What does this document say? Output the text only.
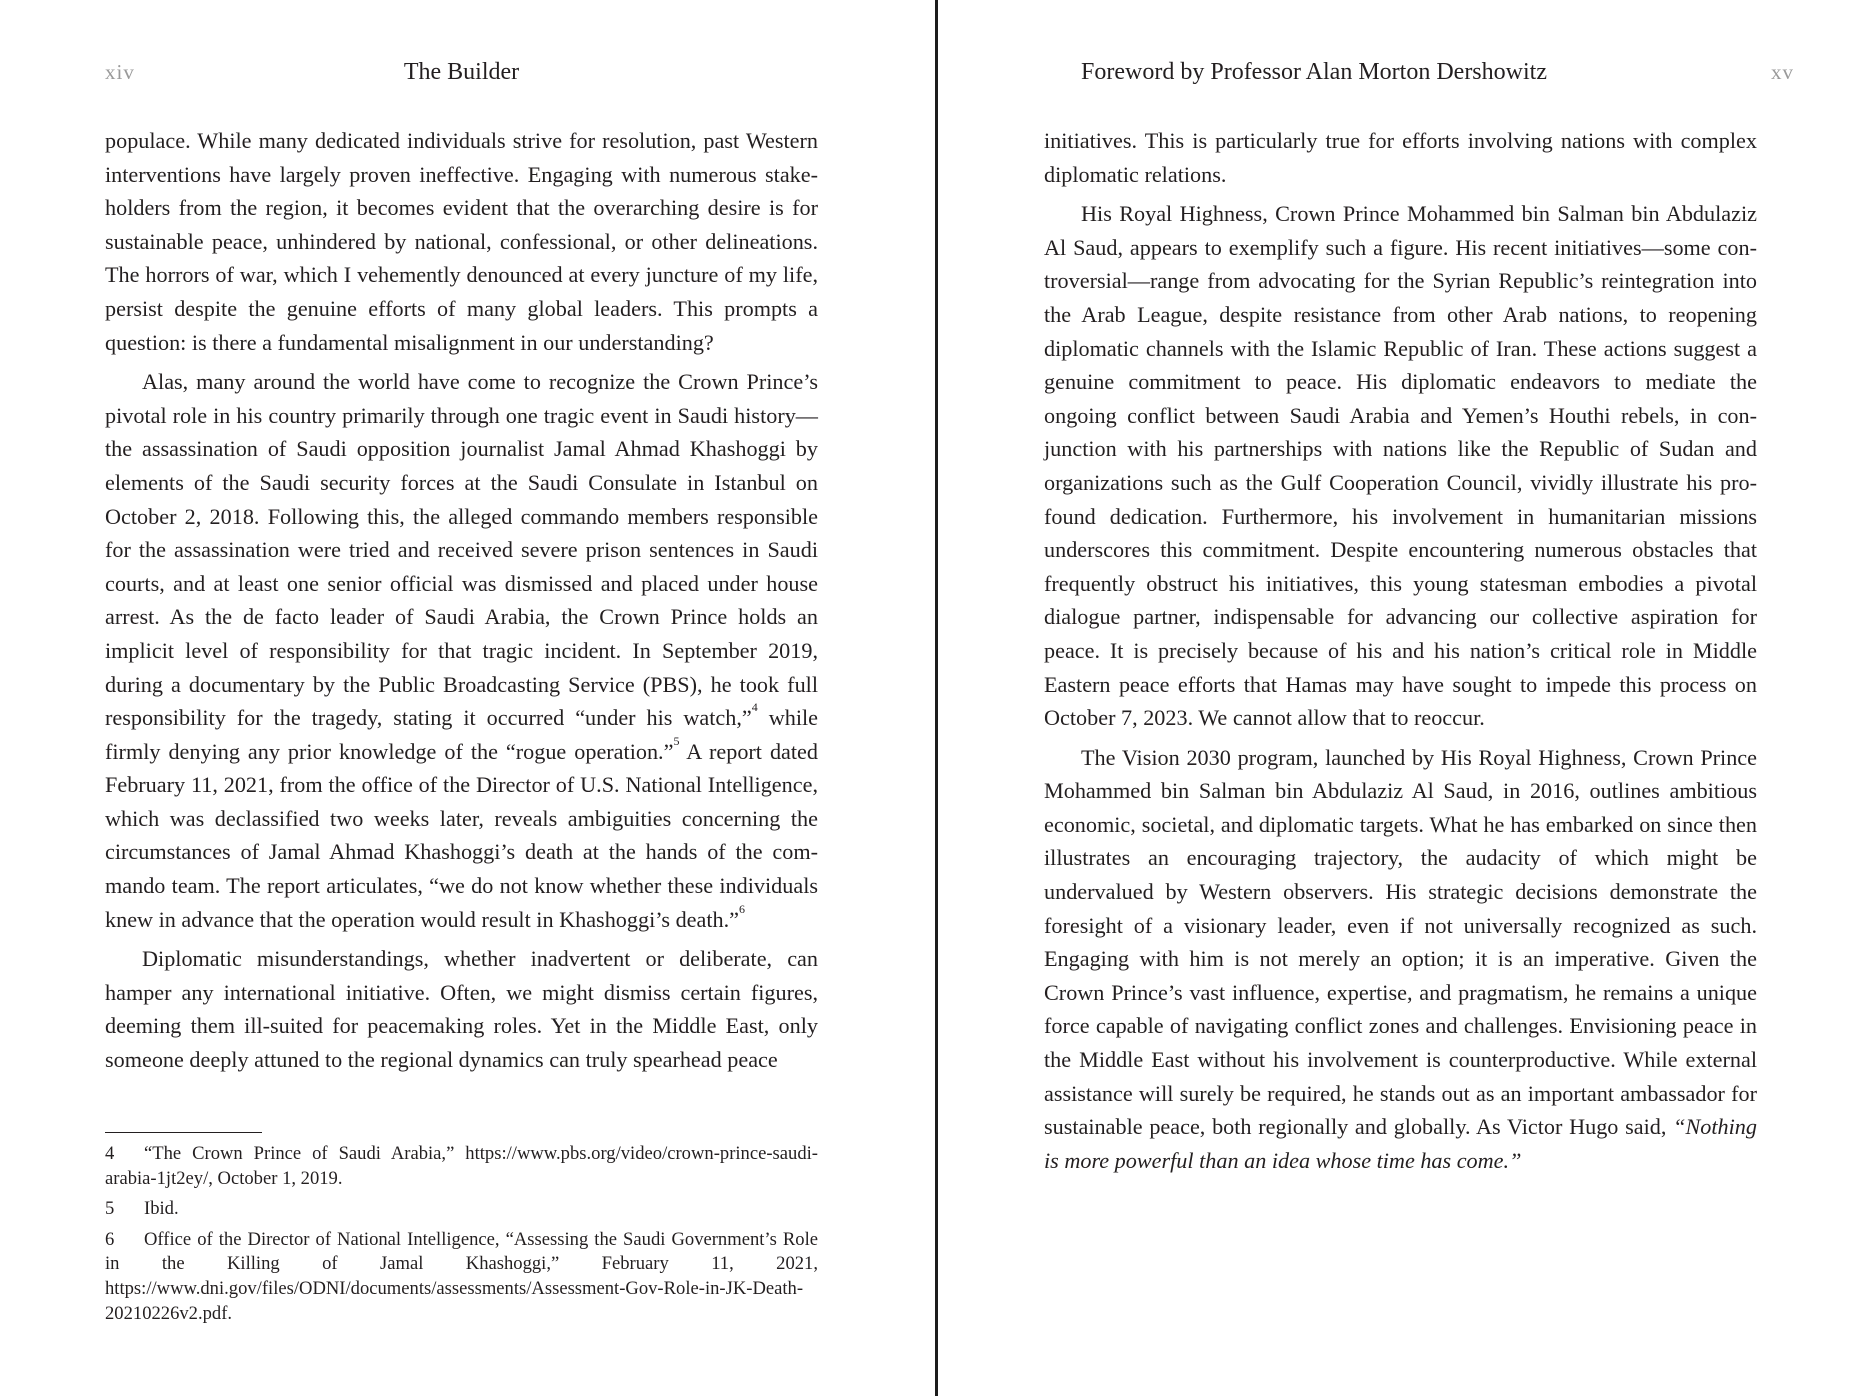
xiv	The Builder

populace. While many dedicated individuals strive for resolution, past Western interventions have largely proven ineffective. Engaging with numerous stakeholders from the region, it becomes evident that the overarching desire is for sustainable peace, unhindered by national, confessional, or other delineations. The horrors of war, which I vehemently denounced at every juncture of my life, persist despite the genuine efforts of many global leaders. This prompts a question: is there a fundamental misalignment in our understanding?

Alas, many around the world have come to recognize the Crown Prince’s pivotal role in his country primarily through one tragic event in Saudi history—the assassination of Saudi opposition journalist Jamal Ahmad Khashoggi by elements of the Saudi security forces at the Saudi Consulate in Istanbul on October 2, 2018. Following this, the alleged commando members responsible for the assassination were tried and received severe prison sentences in Saudi courts, and at least one senior official was dismissed and placed under house arrest. As the de facto leader of Saudi Arabia, the Crown Prince holds an implicit level of responsibility for that tragic incident. In September 2019, during a documentary by the Public Broadcasting Service (PBS), he took full responsibility for the tragedy, stating it occurred “under his watch,”$^4$ while firmly denying any prior knowledge of the “rogue operation.”$^5$ A report dated February 11, 2021, from the office of the Director of U.S. National Intelligence, which was declassified two weeks later, reveals ambiguities concerning the circumstances of Jamal Ahmad Khashoggi’s death at the hands of the commando team. The report articulates, “we do not know whether these individuals knew in advance that the operation would result in Khashoggi’s death.”$^6$

Diplomatic misunderstandings, whether inadvertent or deliberate, can hamper any international initiative. Often, we might dismiss certain figures, deeming them ill-suited for peacemaking roles. Yet in the Middle East, only someone deeply attuned to the regional dynamics can truly spearhead peace

4 “The Crown Prince of Saudi Arabia,” https://www.pbs.org/video/crown-prince-saudi-arabia-1jt2ey/, October 1, 2019.
5 Ibid.
6 Office of the Director of National Intelligence, “Assessing the Saudi Government’s Role in the Killing of Jamal Khashoggi,” February 11, 2021, https://www.dni.gov/files/ODNI/documents/assessments/Assessment-Gov-Role-in-JK-Death-20210226v2.pdf.
Foreword by Professor Alan Morton Dershowitz	xv

initiatives. This is particularly true for efforts involving nations with complex diplomatic relations.

His Royal Highness, Crown Prince Mohammed bin Salman bin Abdulaziz Al Saud, appears to exemplify such a figure. His recent initiatives—some controversial—range from advocating for the Syrian Republic’s reintegration into the Arab League, despite resistance from other Arab nations, to reopening diplomatic channels with the Islamic Republic of Iran. These actions suggest a genuine commitment to peace. His diplomatic endeavors to mediate the ongoing conflict between Saudi Arabia and Yemen’s Houthi rebels, in conjunction with his partnerships with nations like the Republic of Sudan and organizations such as the Gulf Cooperation Council, vividly illustrate his profound dedication. Furthermore, his involvement in humanitarian missions underscores this commitment. Despite encountering numerous obstacles that frequently obstruct his initiatives, this young statesman embodies a pivotal dialogue partner, indispensable for advancing our collective aspiration for peace. It is precisely because of his and his nation’s critical role in Middle Eastern peace efforts that Hamas may have sought to impede this process on October 7, 2023. We cannot allow that to reoccur.

The Vision 2030 program, launched by His Royal Highness, Crown Prince Mohammed bin Salman bin Abdulaziz Al Saud, in 2016, outlines ambitious economic, societal, and diplomatic targets. What he has embarked on since then illustrates an encouraging trajectory, the audacity of which might be undervalued by Western observers. His strategic decisions demonstrate the foresight of a visionary leader, even if not universally recognized as such. Engaging with him is not merely an option; it is an imperative. Given the Crown Prince’s vast influence, expertise, and pragmatism, he remains a unique force capable of navigating conflict zones and challenges. Envisioning peace in the Middle East without his involvement is counterproductive. While external assistance will surely be required, he stands out as an important ambassador for sustainable peace, both regionally and globally. As Victor Hugo said, “Nothing is more powerful than an idea whose time has come.”
